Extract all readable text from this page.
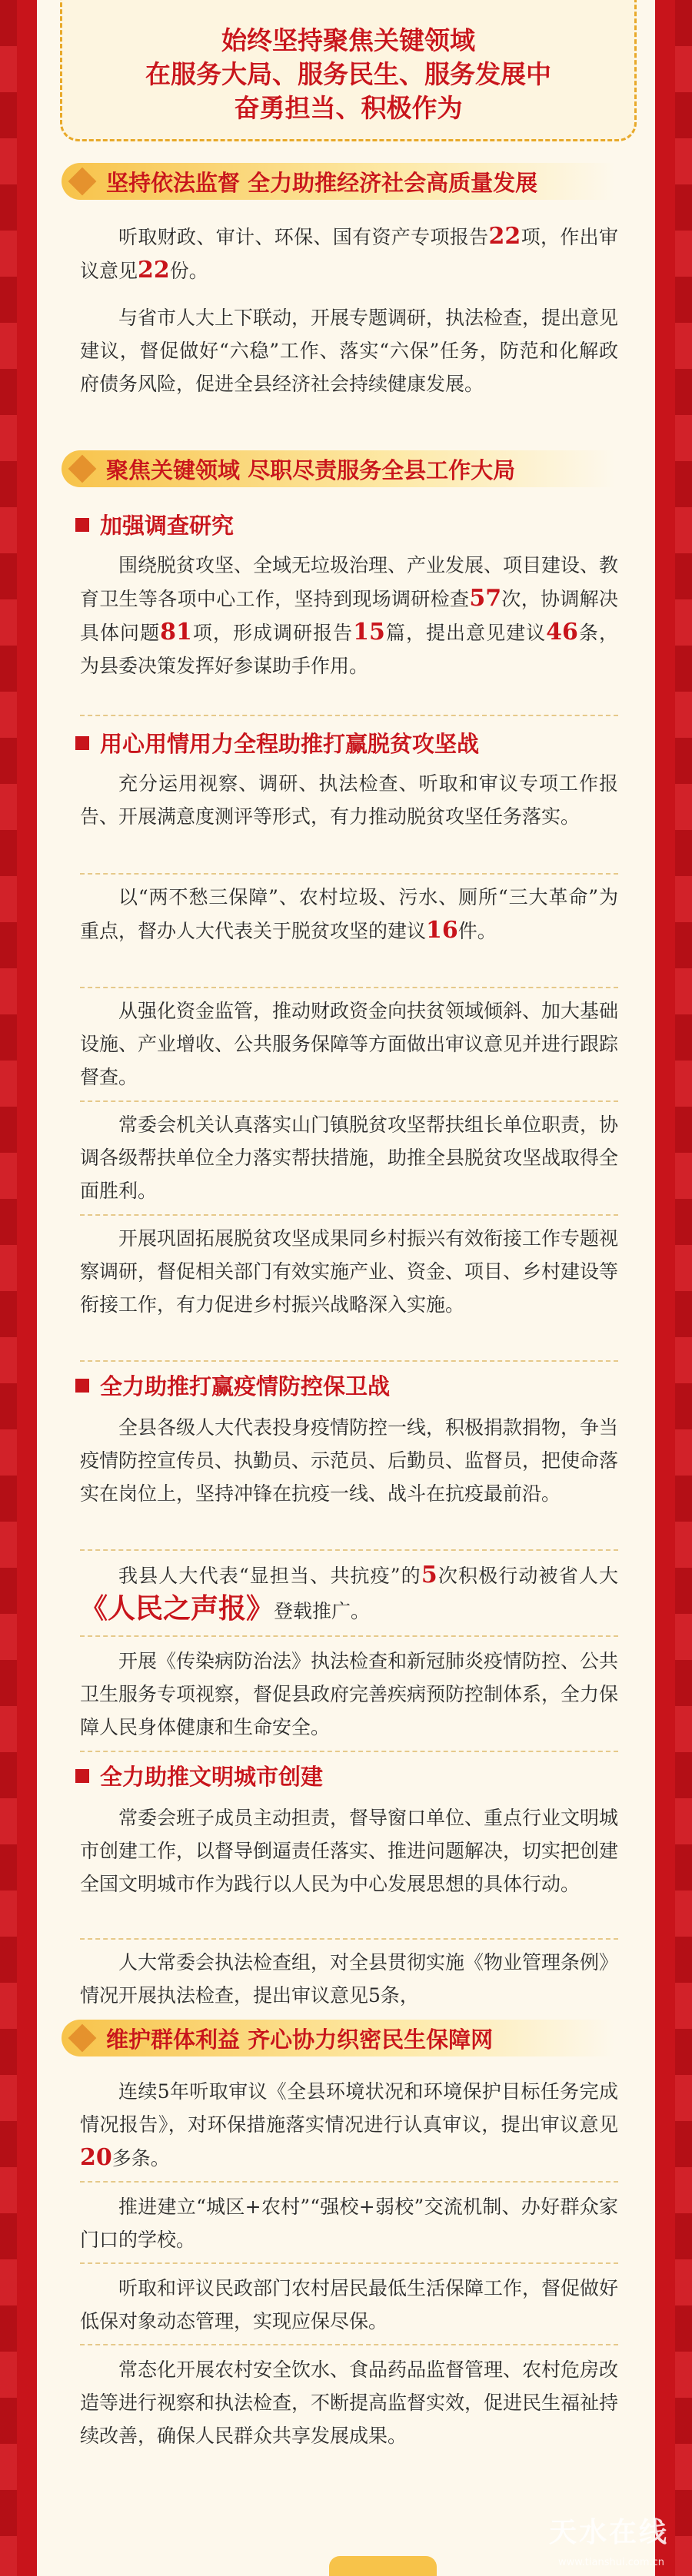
始终坚持聚焦关键领域
在服务大局、服务民生、服务发展中
奋勇担当、积极作为
坚持依法监督 全力助推经济社会高质量发展
听取财政、审计、环保、国有资产专项报告22项，作出审议意见22份。
与省市人大上下联动，开展专题调研，执法检查，提出意见建议，督促做好“六稳”工作、落实“六保”任务，防范和化解政府债务风险，促进全县经济社会持续健康发展。
聚焦关键领域 尽职尽责服务全县工作大局
加强调查研究
围绕脱贫攻坚、全域无垃圾治理、产业发展、项目建设、教育卫生等各项中心工作，坚持到现场调研检查57次，协调解决具体问题81项，形成调研报告15篇，提出意见建议46条，为县委决策发挥好参谋助手作用。
用心用情用力全程助推打赢脱贫攻坚战
充分运用视察、调研、执法检查、听取和审议专项工作报告、开展满意度测评等形式，有力推动脱贫攻坚任务落实。
以“两不愁三保障”、农村垃圾、污水、厕所“三大革命”为重点，督办人大代表关于脱贫攻坚的建议16件。
从强化资金监管，推动财政资金向扶贫领域倾斜、加大基础设施、产业增收、公共服务保障等方面做出审议意见并进行跟踪督查。
常委会机关认真落实山门镇脱贫攻坚帮扶组长单位职责，协调各级帮扶单位全力落实帮扶措施，助推全县脱贫攻坚战取得全面胜利。
开展巩固拓展脱贫攻坚成果同乡村振兴有效衔接工作专题视察调研，督促相关部门有效实施产业、资金、项目、乡村建设等衔接工作，有力促进乡村振兴战略深入实施。
全力助推打赢疫情防控保卫战
全县各级人大代表投身疫情防控一线，积极捐款捐物，争当疫情防控宣传员、执勤员、示范员、后勤员、监督员，把使命落实在岗位上，坚持冲锋在抗疫一线、战斗在抗疫最前沿。
我县人大代表“显担当、共抗疫”的5次积极行动被省人大《人民之声报》登载推广。
开展《传染病防治法》执法检查和新冠肺炎疫情防控、公共卫生服务专项视察，督促县政府完善疾病预防控制体系，全力保障人民身体健康和生命安全。
全力助推文明城市创建
常委会班子成员主动担责，督导窗口单位、重点行业文明城市创建工作，以督导倒逼责任落实、推进问题解决，切实把创建全国文明城市作为践行以人民为中心发展思想的具体行动。
人大常委会执法检查组，对全县贯彻实施《物业管理条例》情况开展执法检查，提出审议意见5条，
维护群体利益 齐心协力织密民生保障网
连续5年听取审议《全县环境状况和环境保护目标任务完成情况报告》，对环保措施落实情况进行认真审议，提出审议意见20多条。
推进建立“城区+农村”“强校+弱校”交流机制、办好群众家门口的学校。
听取和评议民政部门农村居民最低生活保障工作，督促做好低保对象动态管理，实现应保尽保。
常态化开展农村安全饮水、食品药品监督管理、农村危房改造等进行视察和执法检查，不断提高监督实效，促进民生福祉持续改善，确保人民群众共享发展成果。
天水在线
www.tianshui.com.cn
